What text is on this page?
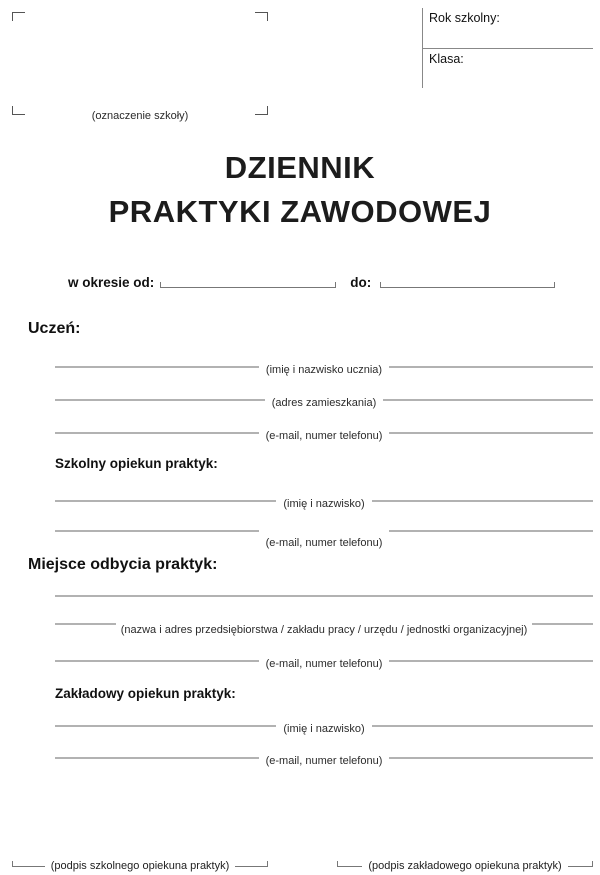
(oznaczenie szkoły)
Rok szkolny:
Klasa:
DZIENNIK
PRAKTYKI ZAWODOWEJ
w okresie od:	do:
Uczeń:
(imię i nazwisko ucznia)
(adres zamieszkania)
(e-mail, numer telefonu)
Szkolny opiekun praktyk:
(imię i nazwisko)
(e-mail, numer telefonu)
Miejsce odbycia praktyk:
(nazwa i adres przedsiębiorstwa / zakładu pracy / urzędu / jednostki organizacyjnej)
(e-mail, numer telefonu)
Zakładowy opiekun praktyk:
(imię i nazwisko)
(e-mail, numer telefonu)
(podpis szkolnego opiekuna praktyk)	(podpis zakładowego opiekuna praktyk)
